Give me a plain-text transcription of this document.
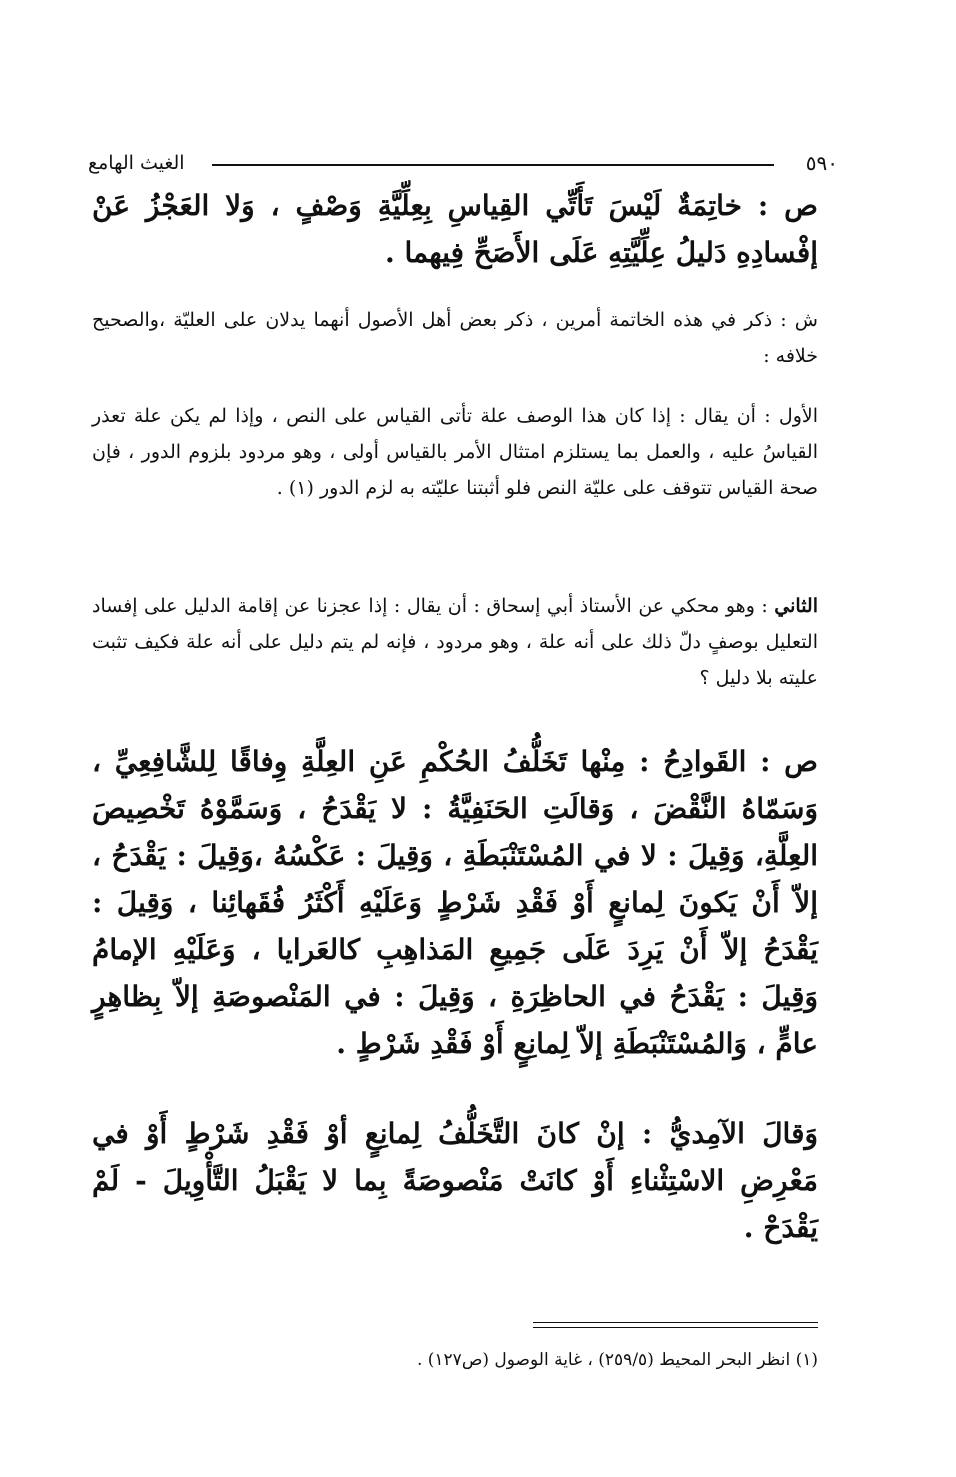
الغيث الهامع	٥٩٠

ص : خاتِمَةٌ لَيْسَ تَأَتِّي القِياسِ بِعِلِّيَّةِ وَصْفٍ ، وَلا العَجْزُ عَنْ إفْسادِهِ دَليلُ عِلِّيَّتِهِ عَلَى الأَصَحِّ فِيهما .

ش : ذكر في هذه الخاتمة أمرين ، ذكر بعض أهل الأصول أنهما يدلان على العليّة ،والصحيح خلافه :

الأول : أن يقال : إذا كان هذا الوصف علة تأتى القياس على النص ، وإذا لم يكن علة تعذر القياسُ عليه ، والعمل بما يستلزم امتثال الأمر بالقياس أولى ، وهو مردود بلزوم الدور ، فإن صحة القياس تتوقف على عليّة النص فلو أثبتنا عليّته به لزم الدور (١) .

الثاني : وهو محكي عن الأستاذ أبي إسحاق : أن يقال : إذا عجزنا عن إقامة الدليل على إفساد التعليل بوصفٍ دلّ ذلك على أنه علة ، وهو مردود ، فإنه لم يتم دليل على أنه علة فكيف تثبت عليته بلا دليل ؟

ص : القَوادِحُ : مِنْها تَخَلُّفُ الحُكْمِ عَنِ العِلَّةِ وِفاقًا لِلشَّافِعِيِّ ، وَسَمّاهُ النَّقْضَ ، وَقالَتِ الحَنَفِيَّةُ : لا يَقْدَحُ ، وَسَمَّوْهُ تَخْصِيصَ العِلَّةِ، وَقِيلَ : لا في المُسْتَنْبَطَةِ ، وَقِيلَ : عَكْسُهُ ،وَقِيلَ : يَقْدَحُ ، إلاّ أَنْ يَكونَ لِمانعٍ أَوْ فَقْدِ شَرْطٍ وَعَلَيْهِ أَكْثَرُ فُقَهائِنا ، وَقِيلَ : يَقْدَحُ إلاّ أَنْ يَرِدَ عَلَى جَمِيعِ المَذاهِبِ كالعَرايا ، وَعَلَيْهِ الإمامُ وَقِيلَ : يَقْدَحُ في الحاظِرَةِ ، وَقِيلَ : في المَنْصوصَةِ إلاّ بِظاهِرٍ عامٍّ ، وَالمُسْتَنْبَطَةِ إلاّ لِمانِعٍ أَوْ فَقْدِ شَرْطٍ .

وَقالَ الآمِديُّ : إنْ كانَ التَّخَلُّفُ لِمانِعٍ أوْ فَقْدِ شَرْطٍ أَوْ في مَعْرِضِ الاسْتِثْناءِ أَوْ كانَتْ مَنْصوصَةً بِما لا يَقْبَلُ التَّأْوِيلَ - لَمْ يَقْدَحْ .

(١) انظر البحر المحيط (٢٥٩/٥) ، غاية الوصول (ص١٢٧) .
